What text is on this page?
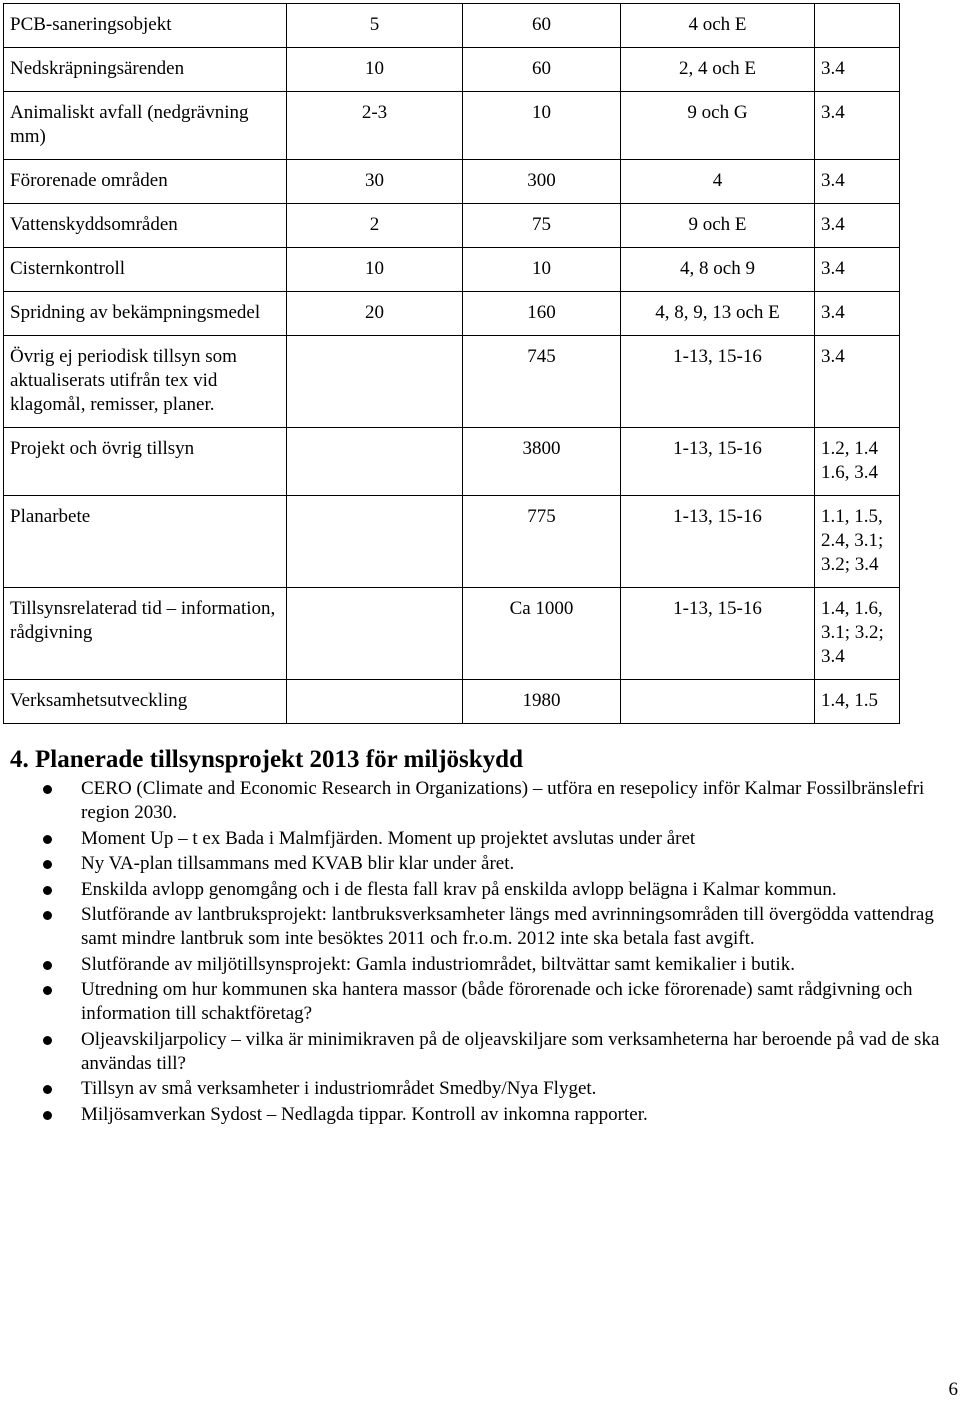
PCB-saneringsobjekt	5	60	4 och E	
Nedskräpningsärenden	10	60	2, 4 och E	3.4
Animaliskt avfall (nedgrävning mm)	2-3	10	9 och G	3.4
Förorenade områden	30	300	4	3.4
Vattenskyddsområden	2	75	9 och E	3.4
Cisternkontroll	10	10	4, 8 och 9	3.4
Spridning av bekämpningsmedel	20	160	4, 8, 9, 13 och E	3.4
Övrig ej periodisk tillsyn som aktualiserats utifrån tex vid klagomål, remisser, planer.		745	1-13, 15-16	3.4
Projekt och övrig tillsyn		3800	1-13, 15-16	1.2, 1.4 1.6, 3.4
Planarbete		775	1-13, 15-16	1.1, 1.5, 2.4, 3.1; 3.2; 3.4
Tillsynsrelaterad tid – information, rådgivning		Ca 1000	1-13, 15-16	1.4, 1.6, 3.1; 3.2; 3.4
Verksamhetsutveckling		1980		1.4, 1.5
4. Planerade tillsynsprojekt 2013 för miljöskydd
CERO (Climate and Economic Research in Organizations) – utföra en resepolicy inför Kalmar Fossilbränslefri region 2030.
Moment Up – t ex Bada i Malmfjärden. Moment up projektet avslutas under året
Ny VA-plan tillsammans med KVAB blir klar under året.
Enskilda avlopp genomgång och i de flesta fall krav på enskilda avlopp belägna i Kalmar kommun.
Slutförande av lantbruksprojekt: lantbruksverksamheter längs med avrinningsområden till övergödda vattendrag samt mindre lantbruk som inte besöktes 2011 och fr.o.m. 2012 inte ska betala fast avgift.
Slutförande av miljötillsynsprojekt: Gamla industriområdet, biltvättar samt kemikalier i butik.
Utredning om hur kommunen ska hantera massor (både förorenade och icke förorenade) samt rådgivning och information till schaktföretag?
Oljeavskiljarpolicy – vilka är minimikraven på de oljeavskiljare som verksamheterna har beroende på vad de ska användas till?
Tillsyn av små verksamheter i industriområdet Smedby/Nya Flyget.
Miljösamverkan Sydost – Nedlagda tippar. Kontroll av inkomna rapporter.
6
